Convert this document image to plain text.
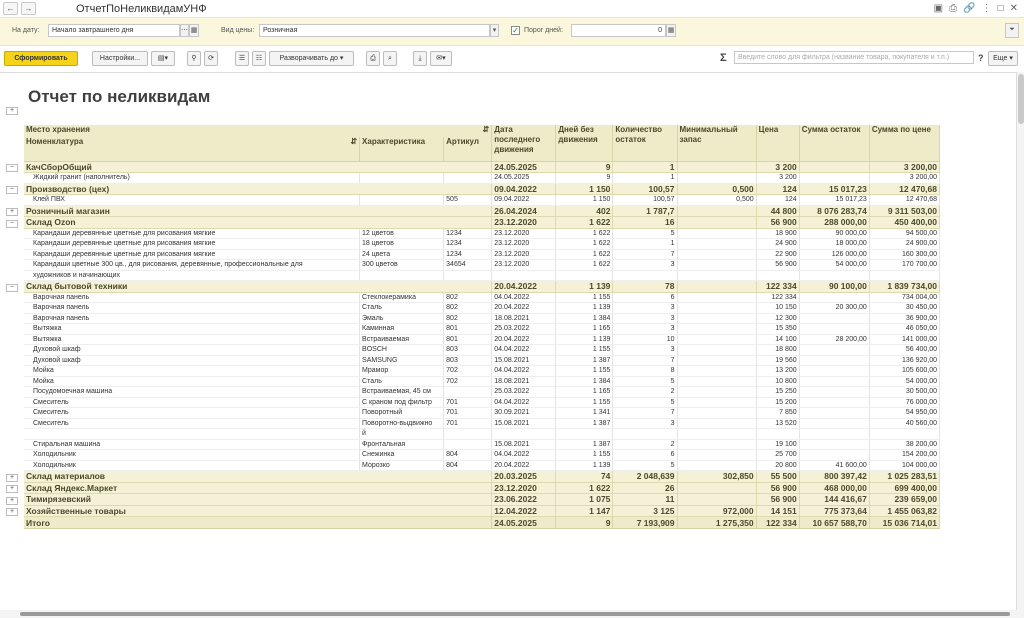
←	→	ОтчетПоНеликвидамУНФ	▣ ⎙ 🔗 ⋮ □ ✕
На дату:	Начало завтрашнего дня	⋯ ▦	Вид цены:	Розничная	▾	✓ Порог дней:	0 ▦	⏷
Сформировать	Настройки...	▤▾	⚲	⟳	☰	☷	Разворачивать до ▾	⎙	⌕	⤓	✉▾	Σ	Введите слово для фильтра (название товара, покупателя и т.п.)	?	Еще ▾
+
Отчет по неликвидам
Место хранения ⇵			Дата последнего движения	Дней без движения	Количество остаток	Минимальный запас	Цена	Сумма остаток	Сумма по цене
Номенклатура ⇵	Характеристика	Артикул							
КачСборОбщий			24.05.2025	9	1		3 200		3 200,00
Жидкий гранит (наполнитель)			24.05.2025	9	1		3 200		3 200,00
Производство (цех)			09.04.2022	1 150	100,57	0,500	124	15 017,23	12 470,68
Клей ПВХ		505	09.04.2022	1 150	100,57	0,500	124	15 017,23	12 470,68
Розничный магазин			26.04.2024	402	1 787,7		44 800	8 076 283,74	9 311 503,00
Склад Ozon			23.12.2020	1 622	16		56 900	288 000,00	450 400,00
Карандаши деревянные цветные для рисования мягкие	12 цветов	1234	23.12.2020	1 622	5		18 900	90 000,00	94 500,00
Карандаши деревянные цветные для рисования мягкие	18 цветов	1234	23.12.2020	1 622	1		24 900	18 000,00	24 900,00
Карандаши деревянные цветные для рисования мягкие	24 цвета	1234	23.12.2020	1 622	7		22 900	126 000,00	160 300,00
Карандаши цветные 300 цв., для рисования, деревянные, профессиональные для	300 цветов	34654	23.12.2020	1 622	3		56 900	54 000,00	170 700,00
художников и начинающих									
Склад бытовой техники			20.04.2022	1 139	78		122 334	90 100,00	1 839 734,00
Варочная панель	Стеклокерамика	802	04.04.2022	1 155	6		122 334		734 004,00
Варочная панель	Сталь	802	20.04.2022	1 139	3		10 150	20 300,00	30 450,00
Варочная панель	Эмаль	802	18.08.2021	1 384	3		12 300		36 900,00
Вытяжка	Каминная	801	25.03.2022	1 165	3		15 350		46 050,00
Вытяжка	Встраиваемая	801	20.04.2022	1 139	10		14 100	28 200,00	141 000,00
Духовой шкаф	BOSCH	803	04.04.2022	1 155	3		18 800		56 400,00
Духовой шкаф	SAMSUNG	803	15.08.2021	1 387	7		19 560		136 920,00
Мойка	Мрамор	702	04.04.2022	1 155	8		13 200		105 600,00
Мойка	Сталь	702	18.08.2021	1 384	5		10 800		54 000,00
Посудомоечная машина	Встраиваемая, 45 см		25.03.2022	1 165	2		15 250		30 500,00
Смеситель	С краном под фильтр	701	04.04.2022	1 155	5		15 200		76 000,00
Смеситель	Поворотный	701	30.09.2021	1 341	7		7 850		54 950,00
Смеситель	Поворотно-выдвижно	701	15.08.2021	1 387	3		13 520		40 560,00
	й								
Стиральная машина	Фронтальная		15.08.2021	1 387	2		19 100		38 200,00
Холодильник	Снежинка	804	04.04.2022	1 155	6		25 700		154 200,00
Холодильник	Морозко	804	20.04.2022	1 139	5		20 800	41 600,00	104 000,00
Склад материалов			20.03.2025	74	2 048,639	302,850	55 500	800 397,42	1 025 283,51
Склад Яндекс.Маркет			23.12.2020	1 622	26		56 900	468 000,00	699 400,00
Тимирязевский			23.06.2022	1 075	11		56 900	144 416,67	239 659,00
Хозяйственные товары			12.04.2022	1 147	3 125	972,000	14 151	775 373,64	1 455 063,82
Итого			24.05.2025	9	7 193,909	1 275,350	122 334	10 657 588,70	15 036 714,01
−
−
+
−
−
+
+
+
+
